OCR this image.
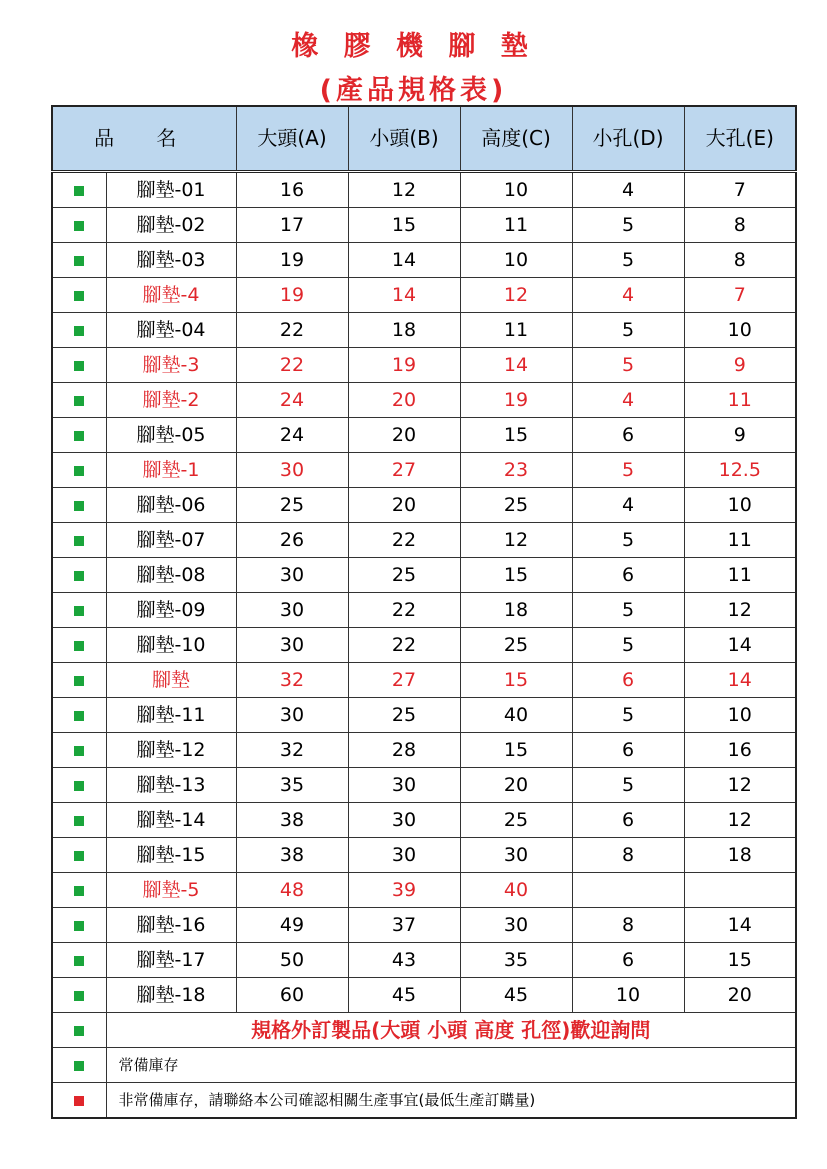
橡 膠 機 腳 墊
(產品規格表)
品 名		大頭(A)	小頭(B)	高度(C)	小孔(D)	大孔(E)
	腳墊-01	16	12	10	4	7
	腳墊-02	17	15	11	5	8
	腳墊-03	19	14	10	5	8
	腳墊-4	19	14	12	4	7
	腳墊-04	22	18	11	5	10
	腳墊-3	22	19	14	5	9
	腳墊-2	24	20	19	4	11
	腳墊-05	24	20	15	6	9
	腳墊-1	30	27	23	5	12.5
	腳墊-06	25	20	25	4	10
	腳墊-07	26	22	12	5	11
	腳墊-08	30	25	15	6	11
	腳墊-09	30	22	18	5	12
	腳墊-10	30	22	25	5	14
	腳墊	32	27	15	6	14
	腳墊-11	30	25	40	5	10
	腳墊-12	32	28	15	6	16
	腳墊-13	35	30	20	5	12
	腳墊-14	38	30	25	6	12
	腳墊-15	38	30	30	8	18
	腳墊-5	48	39	40		
	腳墊-16	49	37	30	8	14
	腳墊-17	50	43	35	6	15
	腳墊-18	60	45	45	10	20
	規格外訂製品(大頭 小頭 高度 孔徑)歡迎詢問					
	常備庫存					
	非常備庫存，請聯絡本公司確認相關生產事宜(最低生產訂購量)					
